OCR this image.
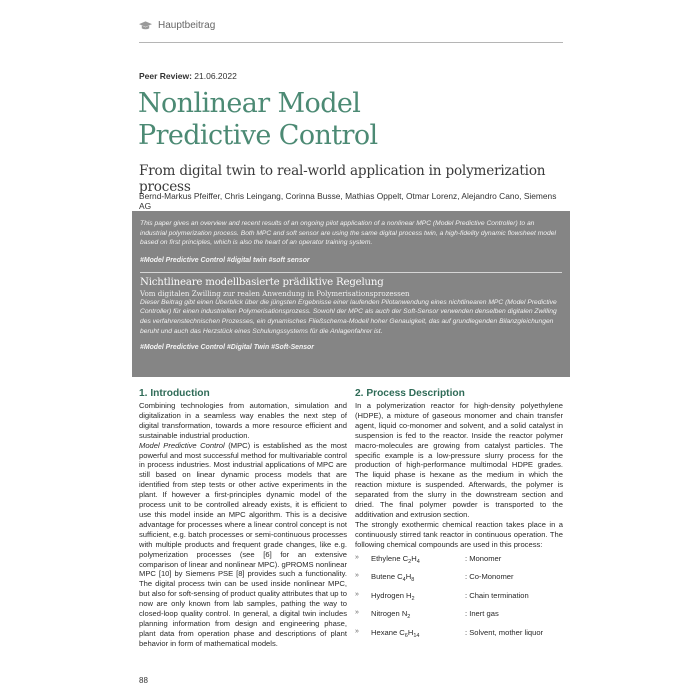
Hauptbeitrag
Peer Review: 21.06.2022
Nonlinear Model
Predictive Control
From digital twin to real-world application in polymerization process
Bernd-Markus Pfeiffer, Chris Leingang, Corinna Busse, Mathias Oppelt, Otmar Lorenz, Alejandro Cano, Siemens AG

This paper gives an overview and recent results of an ongoing pilot application of a nonlinear MPC (Model Predictive Controller) to an industrial polymerization process. Both MPC and soft sensor are using the same digital process twin, a high-fidelity dynamic flowsheet model based on first principles, which is also the heart of an operator training system.

#Model Predictive Control #digital twin #soft sensor

Nichtlineare modellbasierte prädiktive Regelung
Vom digitalen Zwilling zur realen Anwendung in Polymerisationsprozessen

Dieser Beitrag gibt einen Überblick über die jüngsten Ergebnisse einer laufenden Pilotanwendung eines nichtlinearen MPC (Model Predictive Controller) für einen industriellen Polymerisationsprozess. Sowohl der MPC als auch der Soft-Sensor verwenden denselben digitalen Zwilling des verfahrenstechnischen Prozesses, ein dynamisches Fließschema-Modell hoher Genauigkeit, das auf grundlegenden Bilanzgleichungen beruht und auch das Herzstück eines Schulungssystems für die Anlagenfahrer ist.

#Model Predictive Control #Digital Twin #Soft-Sensor

1. Introduction

Combining technologies from automation, simulation and digitalization in a seamless way enables the next step of digital transformation, towards a more resource efficient and sustainable industrial production.

Model Predictive Control (MPC) is established as the most powerful and most successful method for multivariable control in process industries. Most industrial applications of MPC are still based on linear dynamic process models that are identified from step tests or other active experiments in the plant. If however a first-principles dynamic model of the process unit to be controlled already exists, it is efficient to use this model inside an MPC algorithm. This is a decisive advantage for processes where a linear control concept is not sufficient, e.g. batch processes or semi-continuous processes with multiple products and frequent grade changes, like e.g. polymerization processes (see [6] for an extensive comparison of linear and nonlinear MPC). gPROMS nonlinear MPC [10] by Siemens PSE [8] provides such a functionality. The digital process twin can be used inside nonlinear MPC, but also for soft-sensing of product quality attributes that up to now are only known from lab samples, pathing the way to closed-loop quality control. In general, a digital twin includes planning information from design and engineering phase, plant data from operation phase and descriptions of plant behavior in form of mathematical models.

2. Process Description

In a polymerization reactor for high-density polyethylene (HDPE), a mixture of gaseous monomer and chain transfer agent, liquid co-monomer and solvent, and a solid catalyst in suspension is fed to the reactor. Inside the reactor polymer macro-molecules are growing from catalyst particles. The specific example is a low-pressure slurry process for the production of high-performance multimodal HDPE grades. The liquid phase is hexane as the medium in which the reaction mixture is suspended. Afterwards, the polymer is separated from the slurry in the downstream section and dried. The final polymer powder is transported to the additivation and extrusion section.

The strongly exothermic chemical reaction takes place in a continuously stirred tank reactor in continuous operation. The following chemical compounds are used in this process:

»	Ethylene $C_2H_4$	: Monomer
»	Butene $C_4H_8$	: Co-Monomer
»	Hydrogen $H_2$	: Chain termination
»	Nitrogen $N_2$	: Inert gas
»	Hexane $C_6H_{14}$	: Solvent, mother liquor
88
